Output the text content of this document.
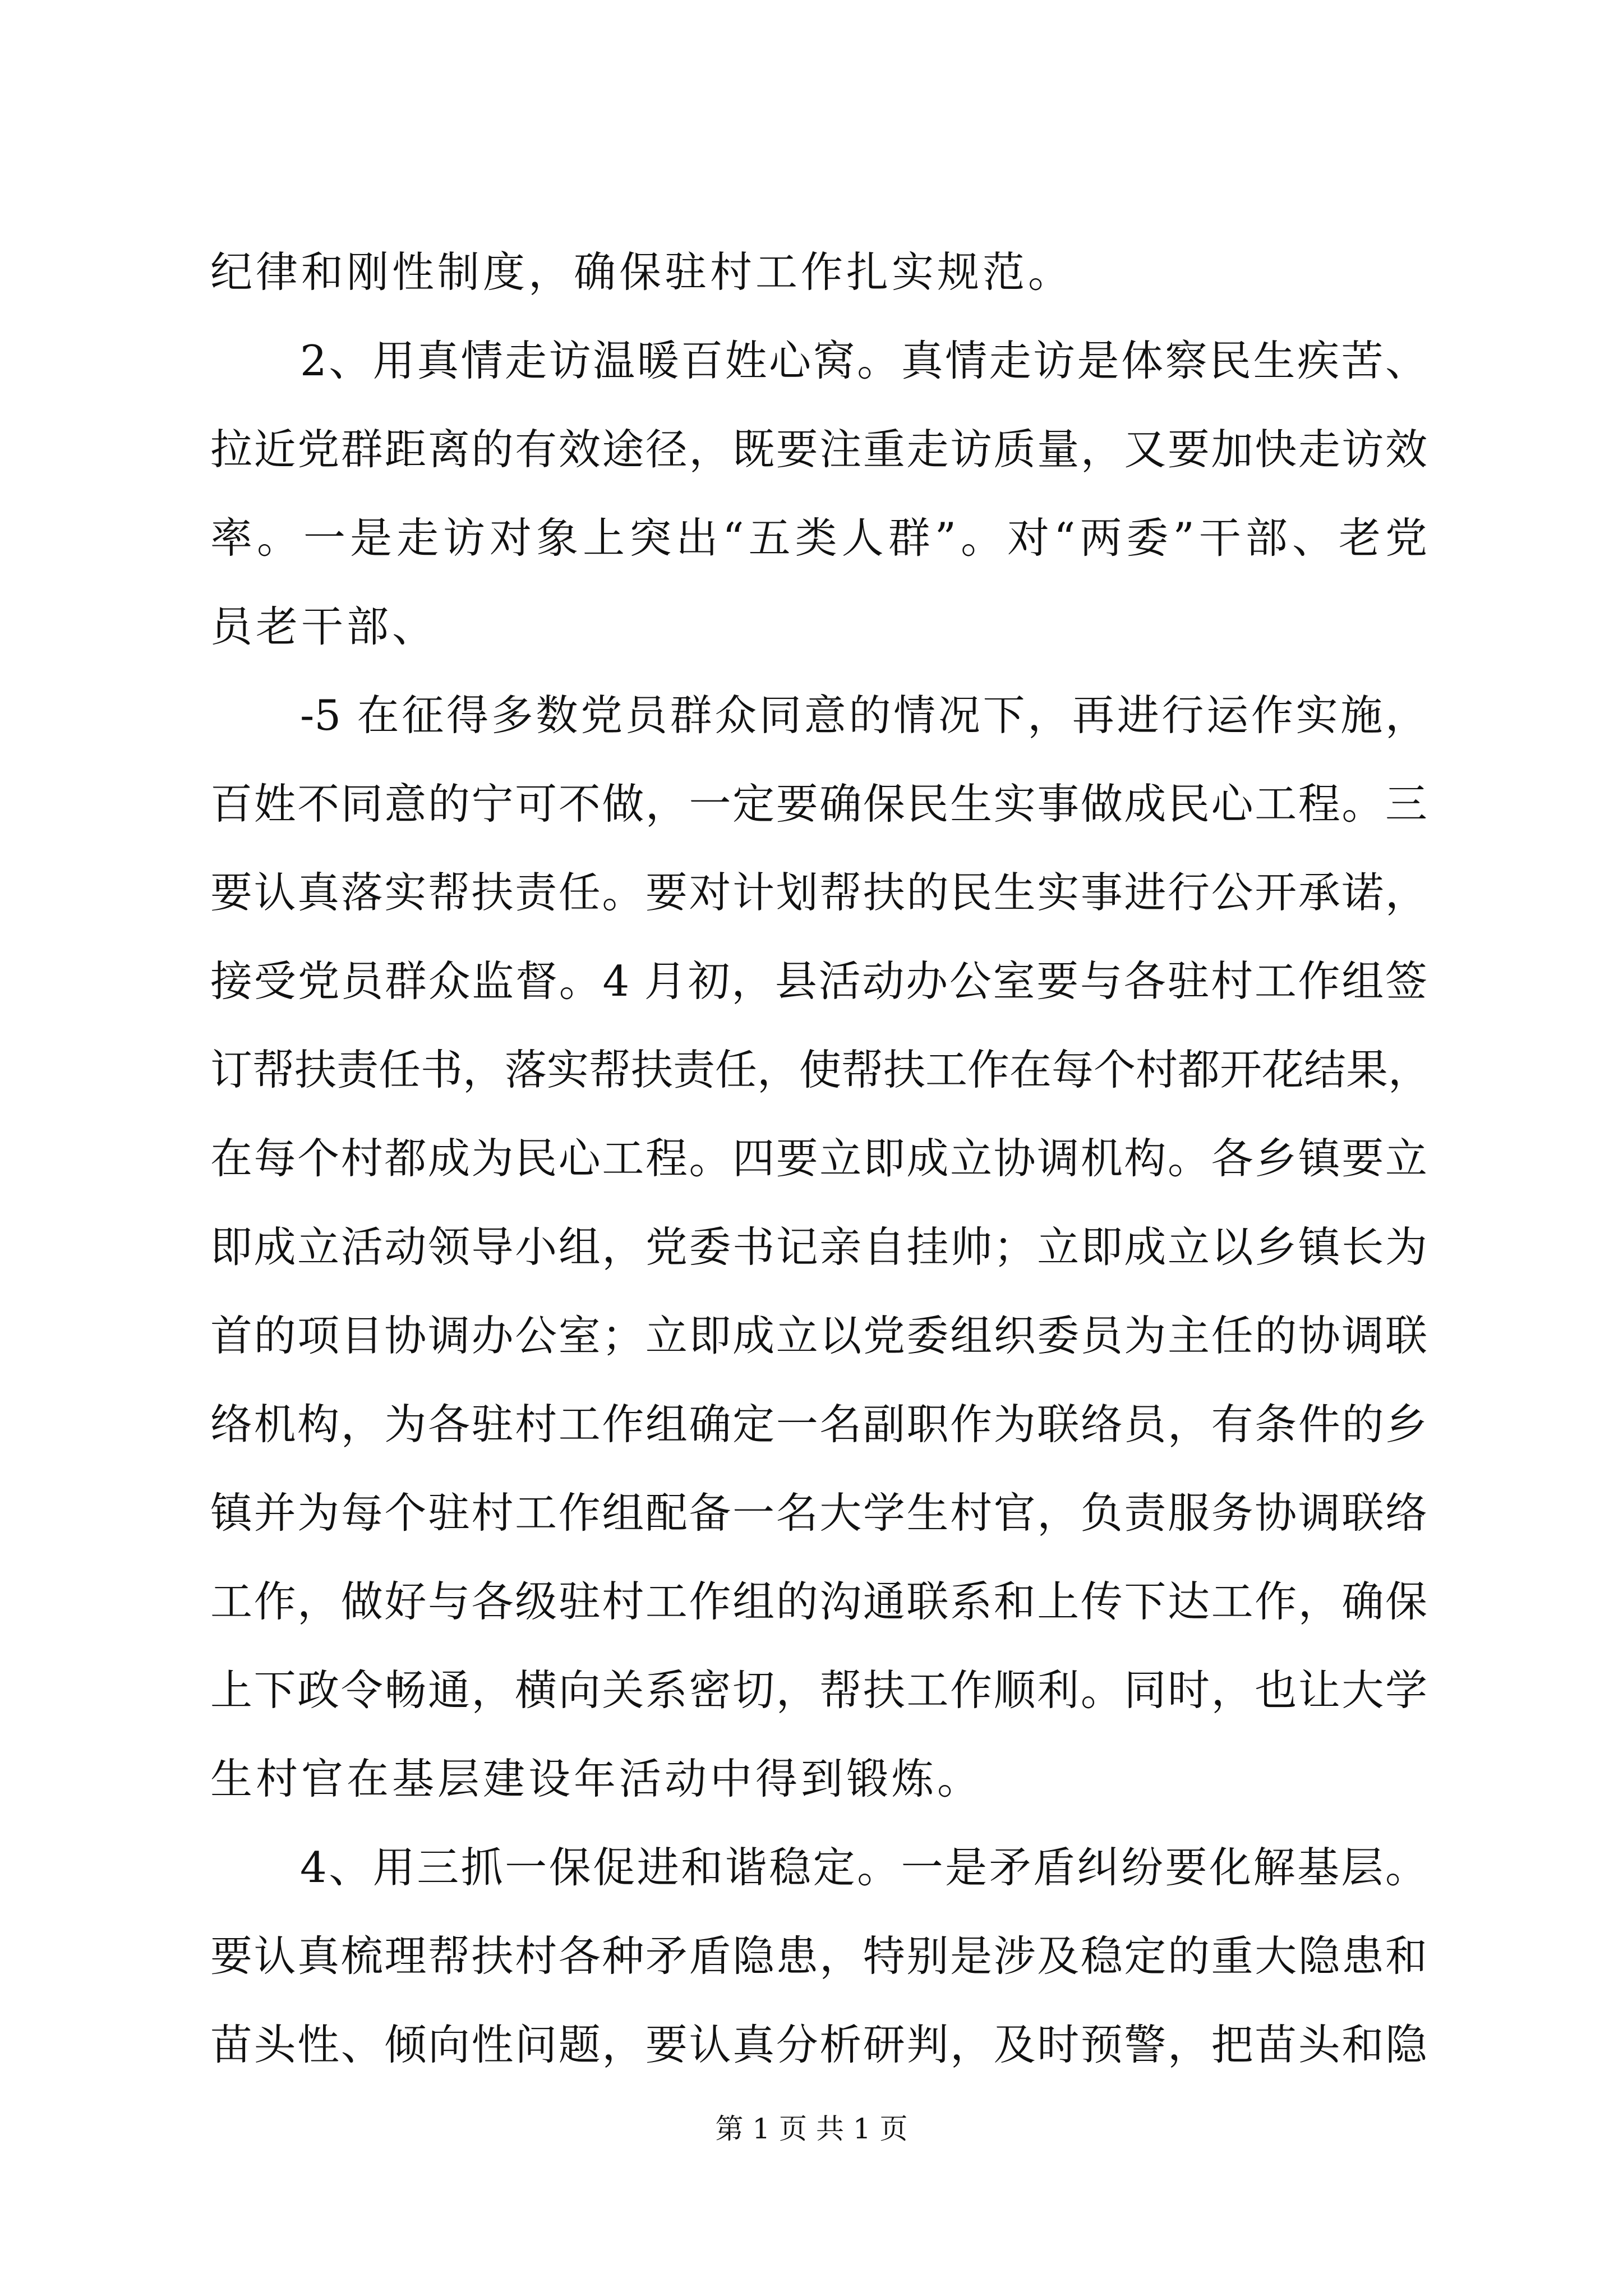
纪律和刚性制度，确保驻村工作扎实规范。
2、用真情走访温暖百姓心窝。真情走访是体察民生疾苦、
拉近党群距离的有效途径，既要注重走访质量，又要加快走访效
率。一是走访对象上突出“五类人群”。对“两委”干部、老党
员老干部、
-5 在征得多数党员群众同意的情况下，再进行运作实施，
百姓不同意的宁可不做，一定要确保民生实事做成民心工程。三
要认真落实帮扶责任。要对计划帮扶的民生实事进行公开承诺，
接受党员群众监督。4 月初，县活动办公室要与各驻村工作组签
订帮扶责任书，落实帮扶责任，使帮扶工作在每个村都开花结果，
在每个村都成为民心工程。四要立即成立协调机构。各乡镇要立
即成立活动领导小组，党委书记亲自挂帅；立即成立以乡镇长为
首的项目协调办公室；立即成立以党委组织委员为主任的协调联
络机构，为各驻村工作组确定一名副职作为联络员，有条件的乡
镇并为每个驻村工作组配备一名大学生村官，负责服务协调联络
工作，做好与各级驻村工作组的沟通联系和上传下达工作，确保
上下政令畅通，横向关系密切，帮扶工作顺利。同时，也让大学
生村官在基层建设年活动中得到锻炼。
4、用三抓一保促进和谐稳定。一是矛盾纠纷要化解基层。
要认真梳理帮扶村各种矛盾隐患，特别是涉及稳定的重大隐患和
苗头性、倾向性问题，要认真分析研判，及时预警，把苗头和隐
第 1 页 共 1 页
